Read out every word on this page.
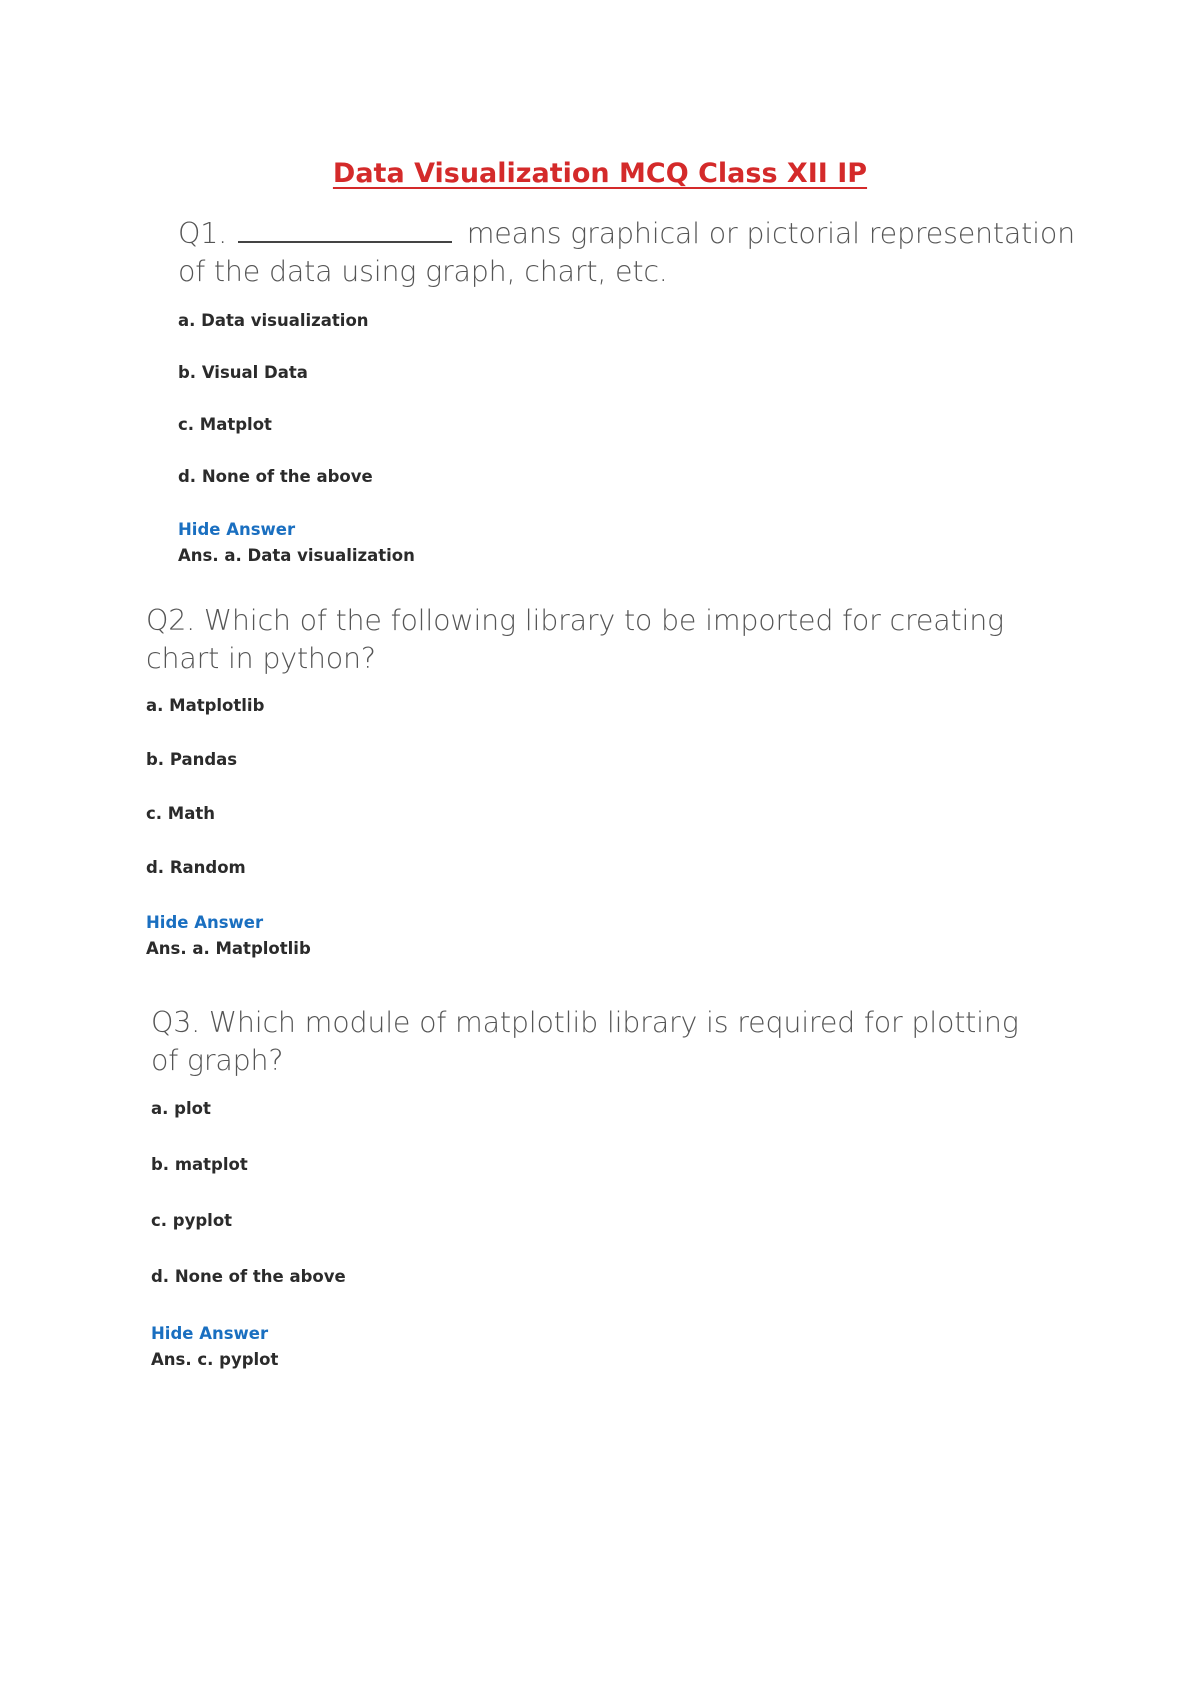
Data Visualization MCQ Class XII IP

Q1.	means graphical or pictorial representation of the data using graph, chart, etc.

a. Data visualization
b. Visual Data
c. Matplot
d. None of the above
Hide Answer
Ans. a. Data visualization

Q2. Which of the following library to be imported for creating chart in python?

a. Matplotlib
b. Pandas
c. Math
d. Random
Hide Answer
Ans. a. Matplotlib

Q3. Which module of matplotlib library is required for plotting of graph?

a. plot
b. matplot
c. pyplot
d. None of the above
Hide Answer
Ans. c. pyplot
